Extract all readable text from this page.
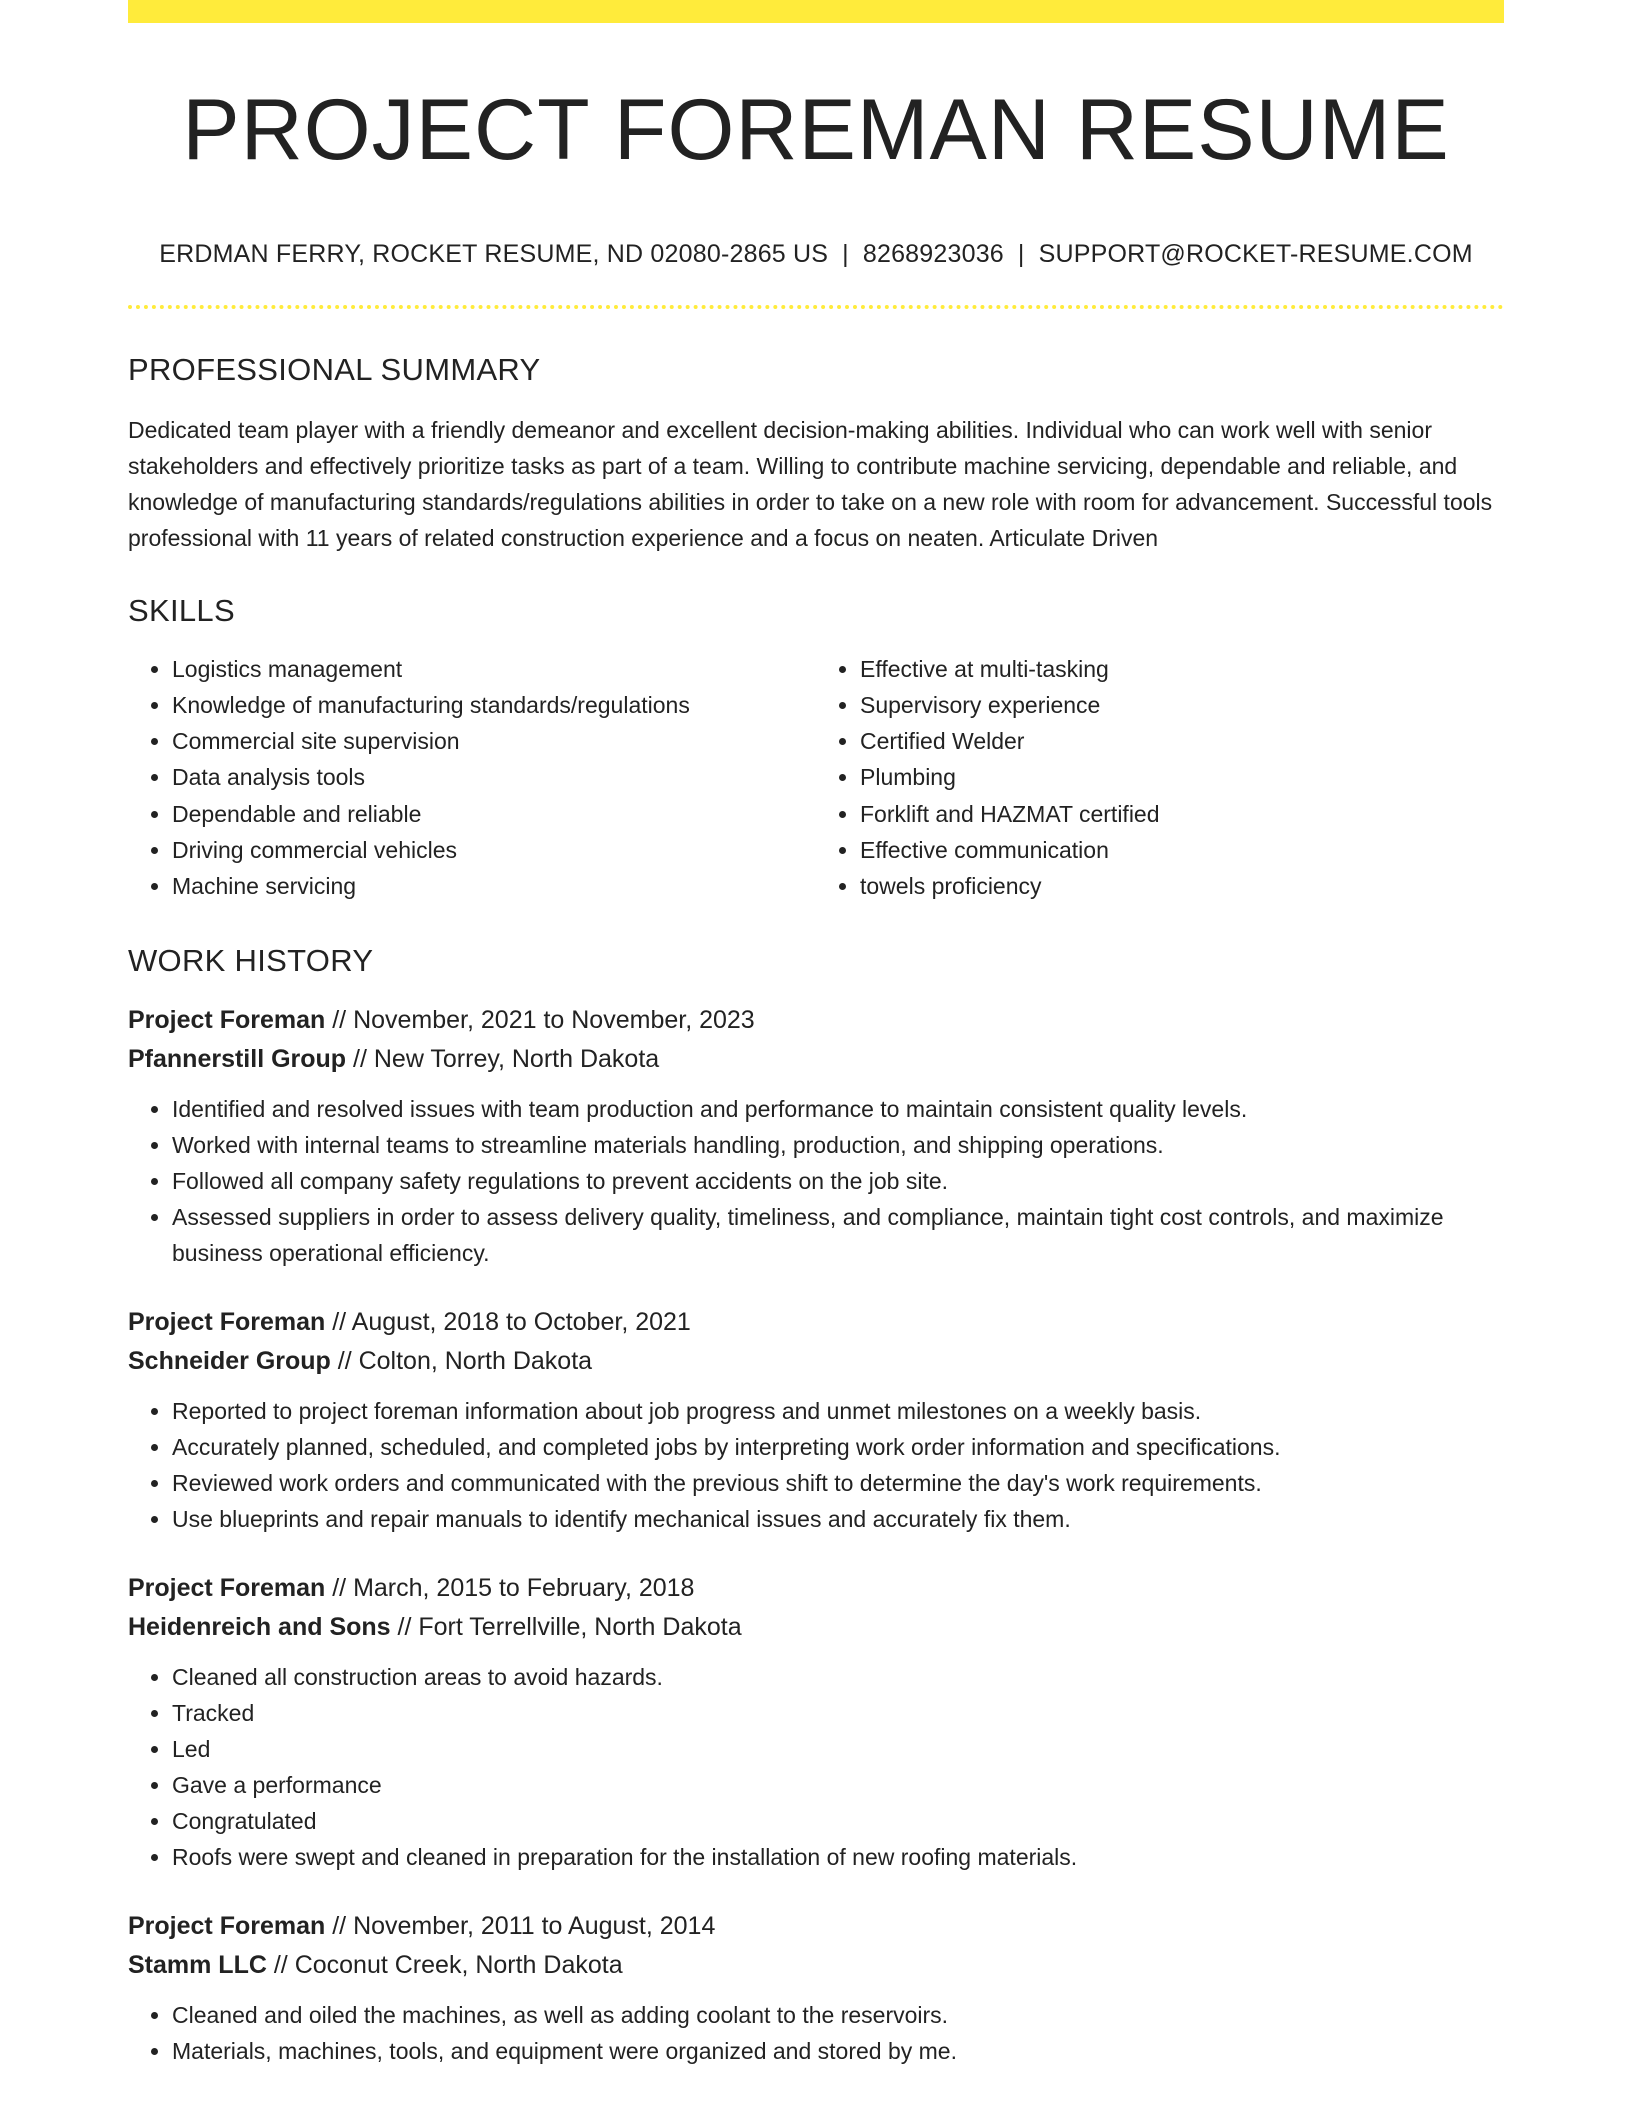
PROJECT FOREMAN RESUME
ERDMAN FERRY, ROCKET RESUME, ND 02080-2865 US | 8268923036 | SUPPORT@ROCKET-RESUME.COM
PROFESSIONAL SUMMARY

Dedicated team player with a friendly demeanor and excellent decision-making abilities. Individual who can work well with senior stakeholders and effectively prioritize tasks as part of a team. Willing to contribute machine servicing, dependable and reliable, and knowledge of manufacturing standards/regulations abilities in order to take on a new role with room for advancement. Successful tools professional with 11 years of related construction experience and a focus on neaten. Articulate Driven

SKILLS
• Logistics management
• Knowledge of manufacturing standards/regulations
• Commercial site supervision
• Data analysis tools
• Dependable and reliable
• Driving commercial vehicles
• Machine servicing
• Effective at multi-tasking
• Supervisory experience
• Certified Welder
• Plumbing
• Forklift and HAZMAT certified
• Effective communication
• towels proficiency
WORK HISTORY
Project Foreman // November, 2021 to November, 2023
Pfannerstill Group // New Torrey, North Dakota
• Identified and resolved issues with team production and performance to maintain consistent quality levels.
• Worked with internal teams to streamline materials handling, production, and shipping operations.
• Followed all company safety regulations to prevent accidents on the job site.
• Assessed suppliers in order to assess delivery quality, timeliness, and compliance, maintain tight cost controls, and maximize business operational efficiency.
Project Foreman // August, 2018 to October, 2021
Schneider Group // Colton, North Dakota
• Reported to project foreman information about job progress and unmet milestones on a weekly basis.
• Accurately planned, scheduled, and completed jobs by interpreting work order information and specifications.
• Reviewed work orders and communicated with the previous shift to determine the day's work requirements.
• Use blueprints and repair manuals to identify mechanical issues and accurately fix them.
Project Foreman // March, 2015 to February, 2018
Heidenreich and Sons // Fort Terrellville, North Dakota
• Cleaned all construction areas to avoid hazards.
• Tracked
• Led
• Gave a performance
• Congratulated
• Roofs were swept and cleaned in preparation for the installation of new roofing materials.
Project Foreman // November, 2011 to August, 2014
Stamm LLC // Coconut Creek, North Dakota
• Cleaned and oiled the machines, as well as adding coolant to the reservoirs.
• Materials, machines, tools, and equipment were organized and stored by me.
